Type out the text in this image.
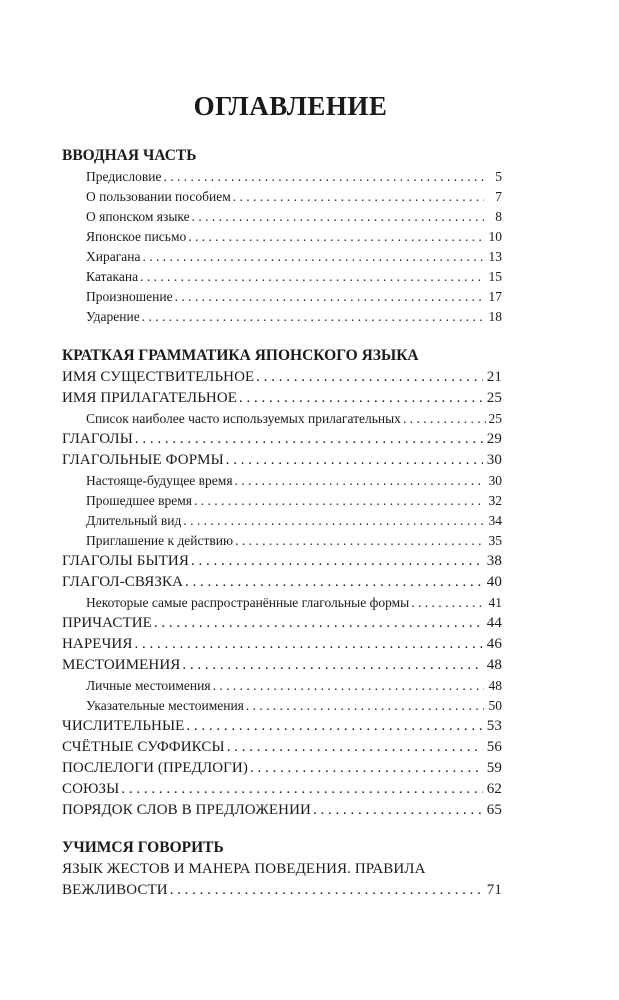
ОГЛАВЛЕНИЕ
ВВОДНАЯ ЧАСТЬ
Предисловие . . .	5
О пользовании пособием . . .	7
О японском языке . . .	8
Японское письмо . . .	10
Хирагана . . .	13
Катакана . . .	15
Произношение . . .	17
Ударение . . .	18
КРАТКАЯ ГРАММАТИКА ЯПОНСКОГО ЯЗЫКА
ИМЯ СУЩЕСТВИТЕЛЬНОЕ . . .	21
ИМЯ ПРИЛАГАТЕЛЬНОЕ . . .	25
Список наиболее часто используемых прилагательных . . .	25
ГЛАГОЛЫ . . .	29
ГЛАГОЛЬНЫЕ ФОРМЫ . . .	30
Настояще-будущее время . . .	30
Прошедшее время . . .	32
Длительный вид . . .	34
Приглашение к действию . . .	35
ГЛАГОЛЫ БЫТИЯ . . .	38
ГЛАГОЛ-СВЯЗКА . . .	40
Некоторые самые распространённые глагольные формы . . .	41
ПРИЧАСТИЕ . . .	44
НАРЕЧИЯ . . .	46
МЕСТОИМЕНИЯ . . .	48
Личные местоимения . . .	48
Указательные местоимения . . .	50
ЧИСЛИТЕЛЬНЫЕ . . .	53
СЧЁТНЫЕ СУФФИКСЫ . . .	56
ПОСЛЕЛОГИ (ПРЕДЛОГИ) . . .	59
СОЮЗЫ . . .	62
ПОРЯДОК СЛОВ В ПРЕДЛОЖЕНИИ . . .	65
УЧИМСЯ ГОВОРИТЬ
ЯЗЫК ЖЕСТОВ И МАНЕРА ПОВЕДЕНИЯ. ПРАВИЛА
ВЕЖЛИВОСТИ . . .	71
